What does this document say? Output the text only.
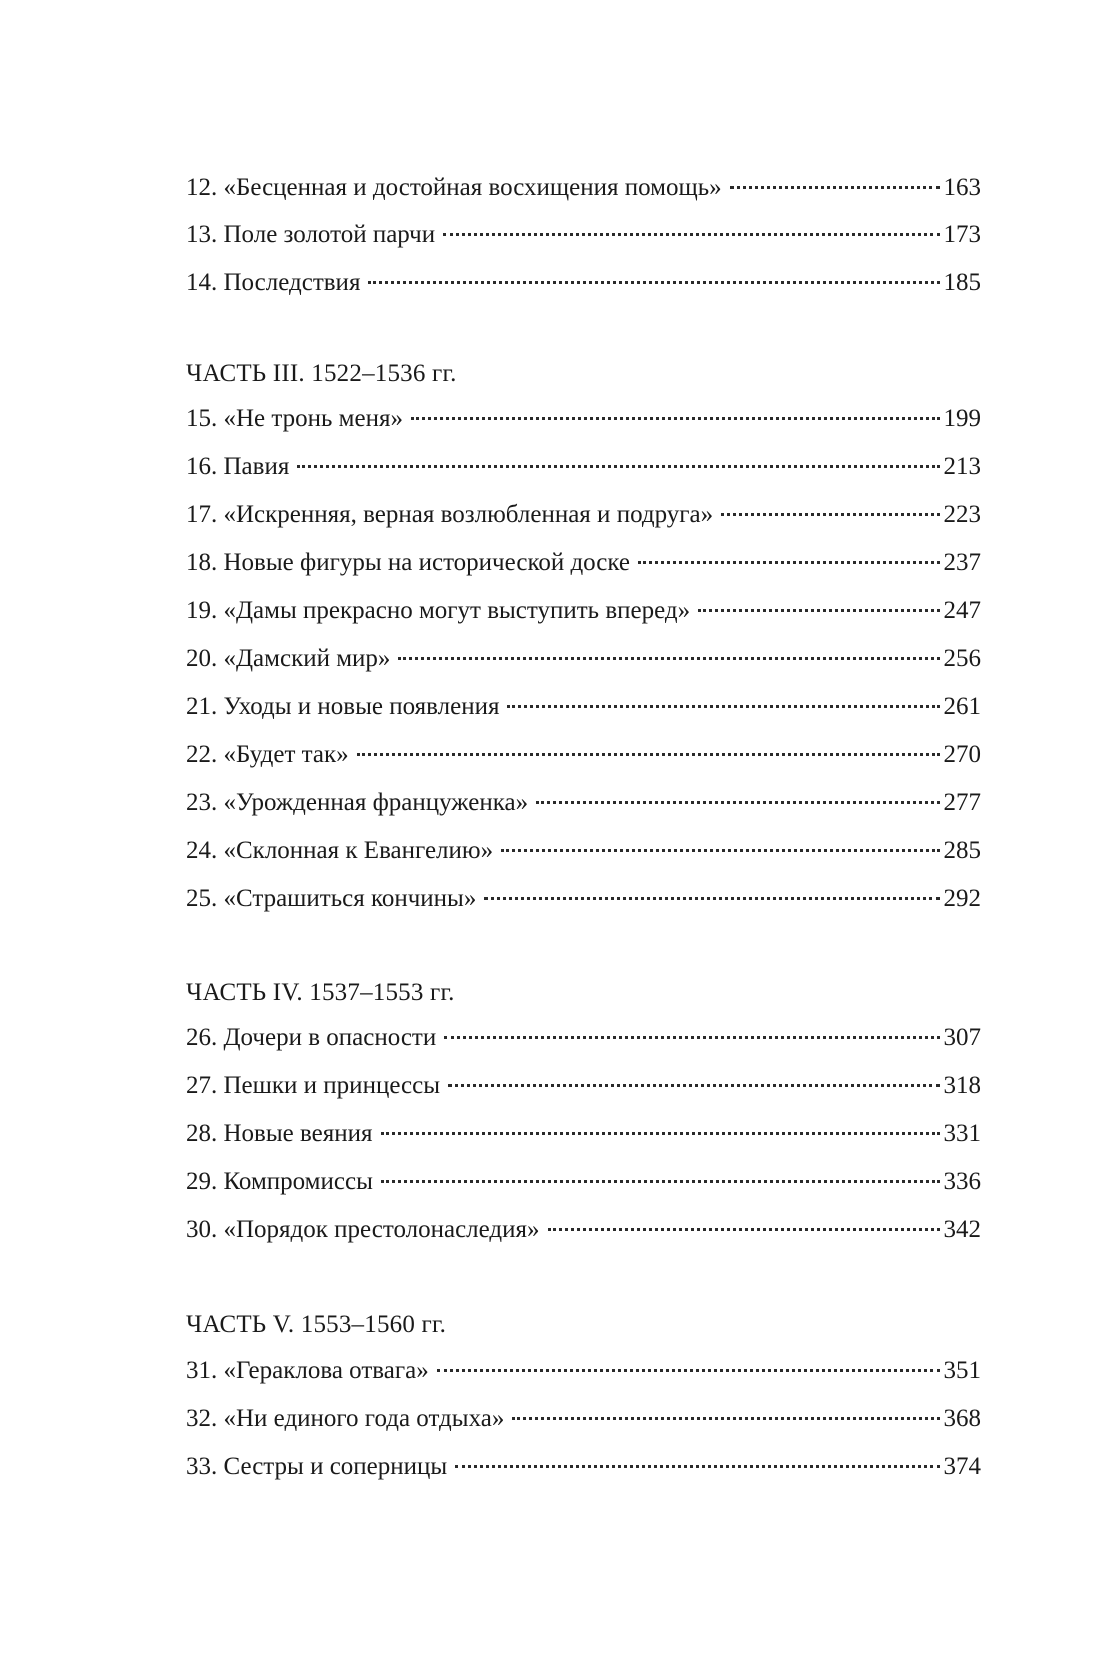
12. «Бесценная и достойная восхищения помощь»	163
13. Поле золотой парчи	173
14. Последствия	185
ЧАСТЬ III. 1522–1536 гг.
15. «Не тронь меня»	199
16. Павия	213
17. «Искренняя, верная возлюбленная и подруга»	223
18. Новые фигуры на исторической доске	237
19. «Дамы прекрасно могут выступить вперед»	247
20. «Дамский мир»	256
21. Уходы и новые появления	261
22. «Будет так»	270
23. «Урожденная француженка»	277
24. «Склонная к Евангелию»	285
25. «Страшиться кончины»	292
ЧАСТЬ IV. 1537–1553 гг.
26. Дочери в опасности	307
27. Пешки и принцессы	318
28. Новые веяния	331
29. Компромиссы	336
30. «Порядок престолонаследия»	342
ЧАСТЬ V. 1553–1560 гг.
31. «Гераклова отвага»	351
32. «Ни единого года отдыха»	368
33. Сестры и соперницы	374
